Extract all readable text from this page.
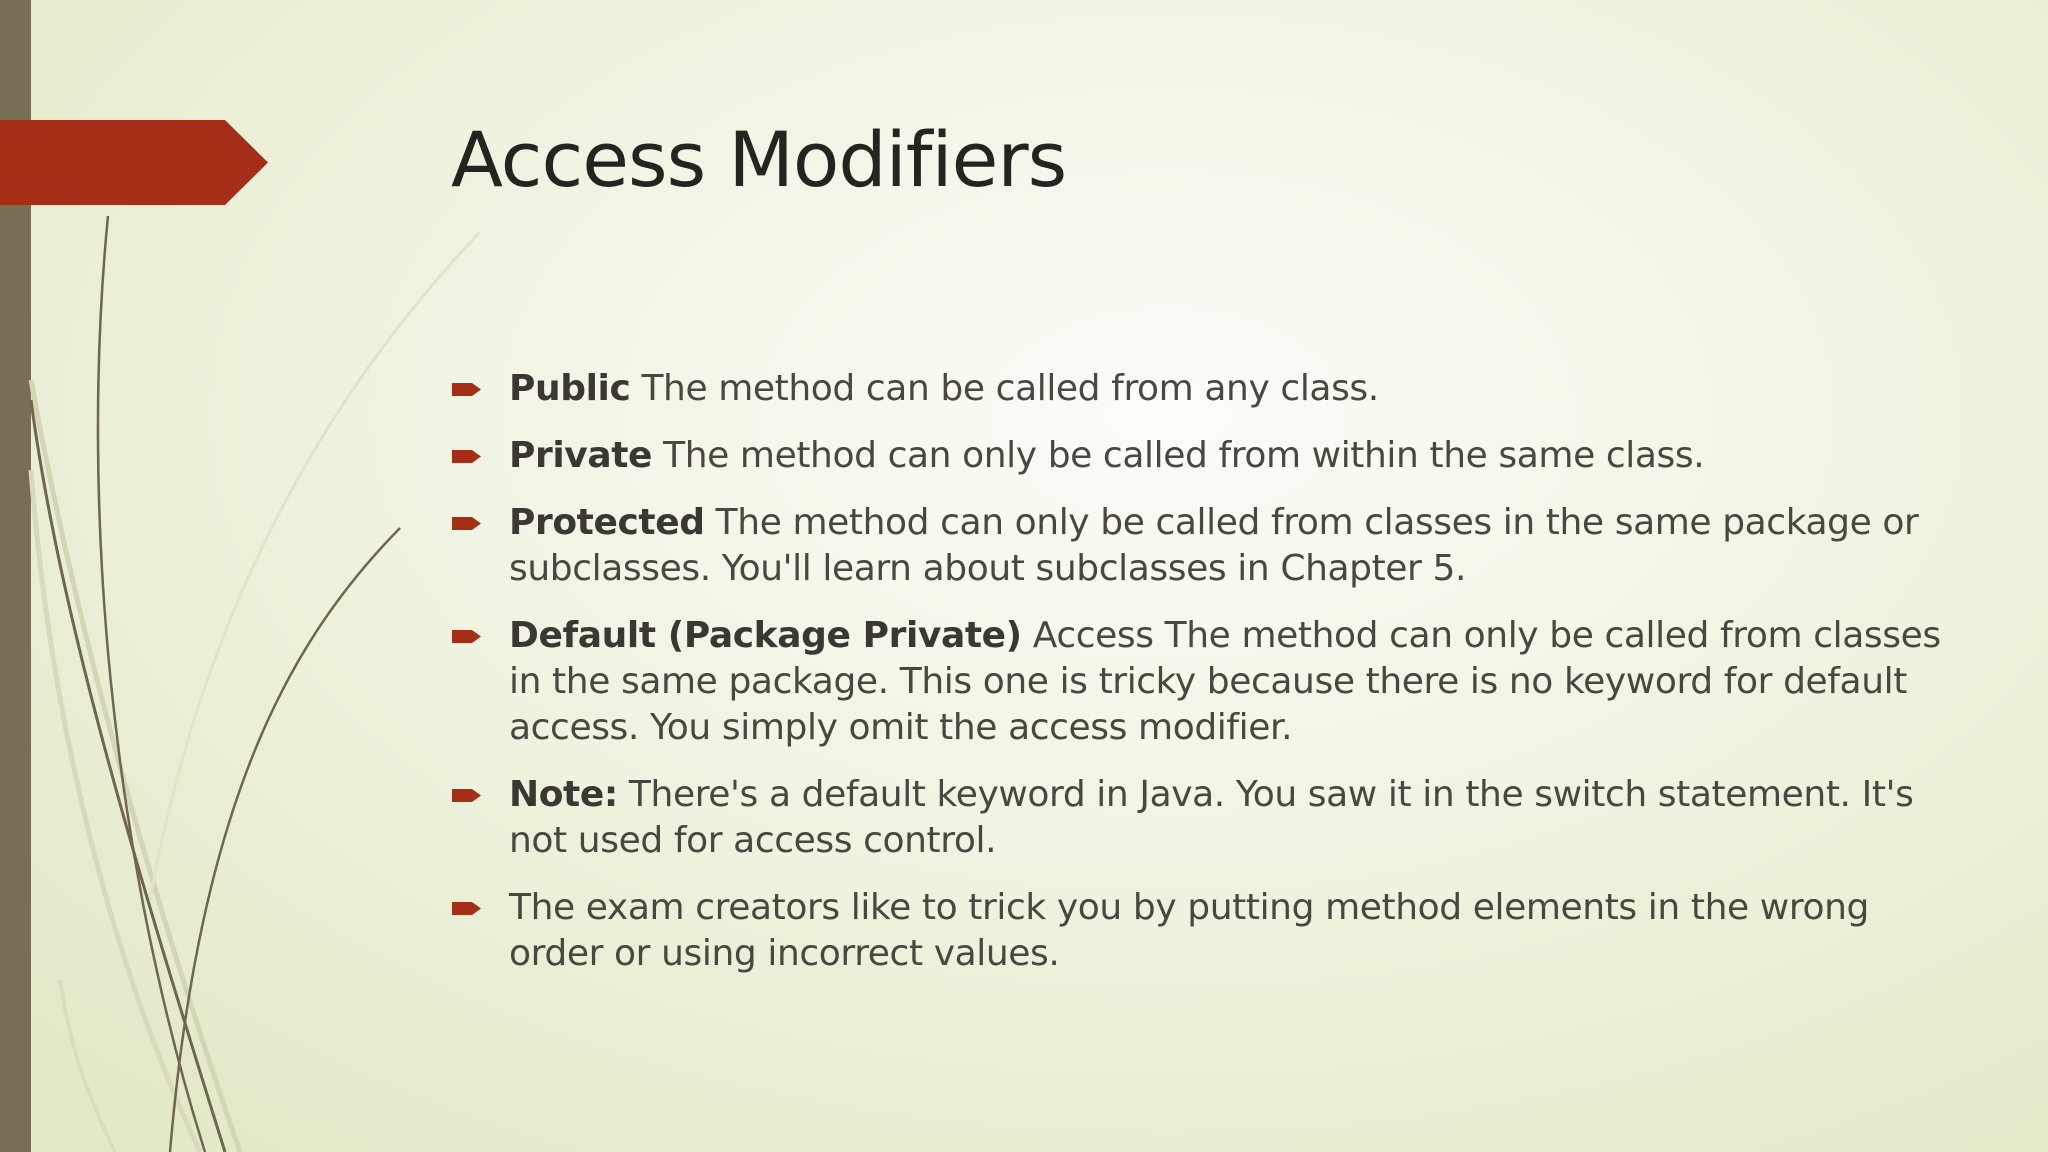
Access Modifiers
Public The method can be called from any class.
Private The method can only be called from within the same class.
Protected The method can only be called from classes in the same package or subclasses. You'll learn about subclasses in Chapter 5.
Default (Package Private) Access The method can only be called from classes in the same package. This one is tricky because there is no keyword for default access. You simply omit the access modifier.
Note: There's a default keyword in Java. You saw it in the switch statement. It's not used for access control.
The exam creators like to trick you by putting method elements in the wrong order or using incorrect values.
